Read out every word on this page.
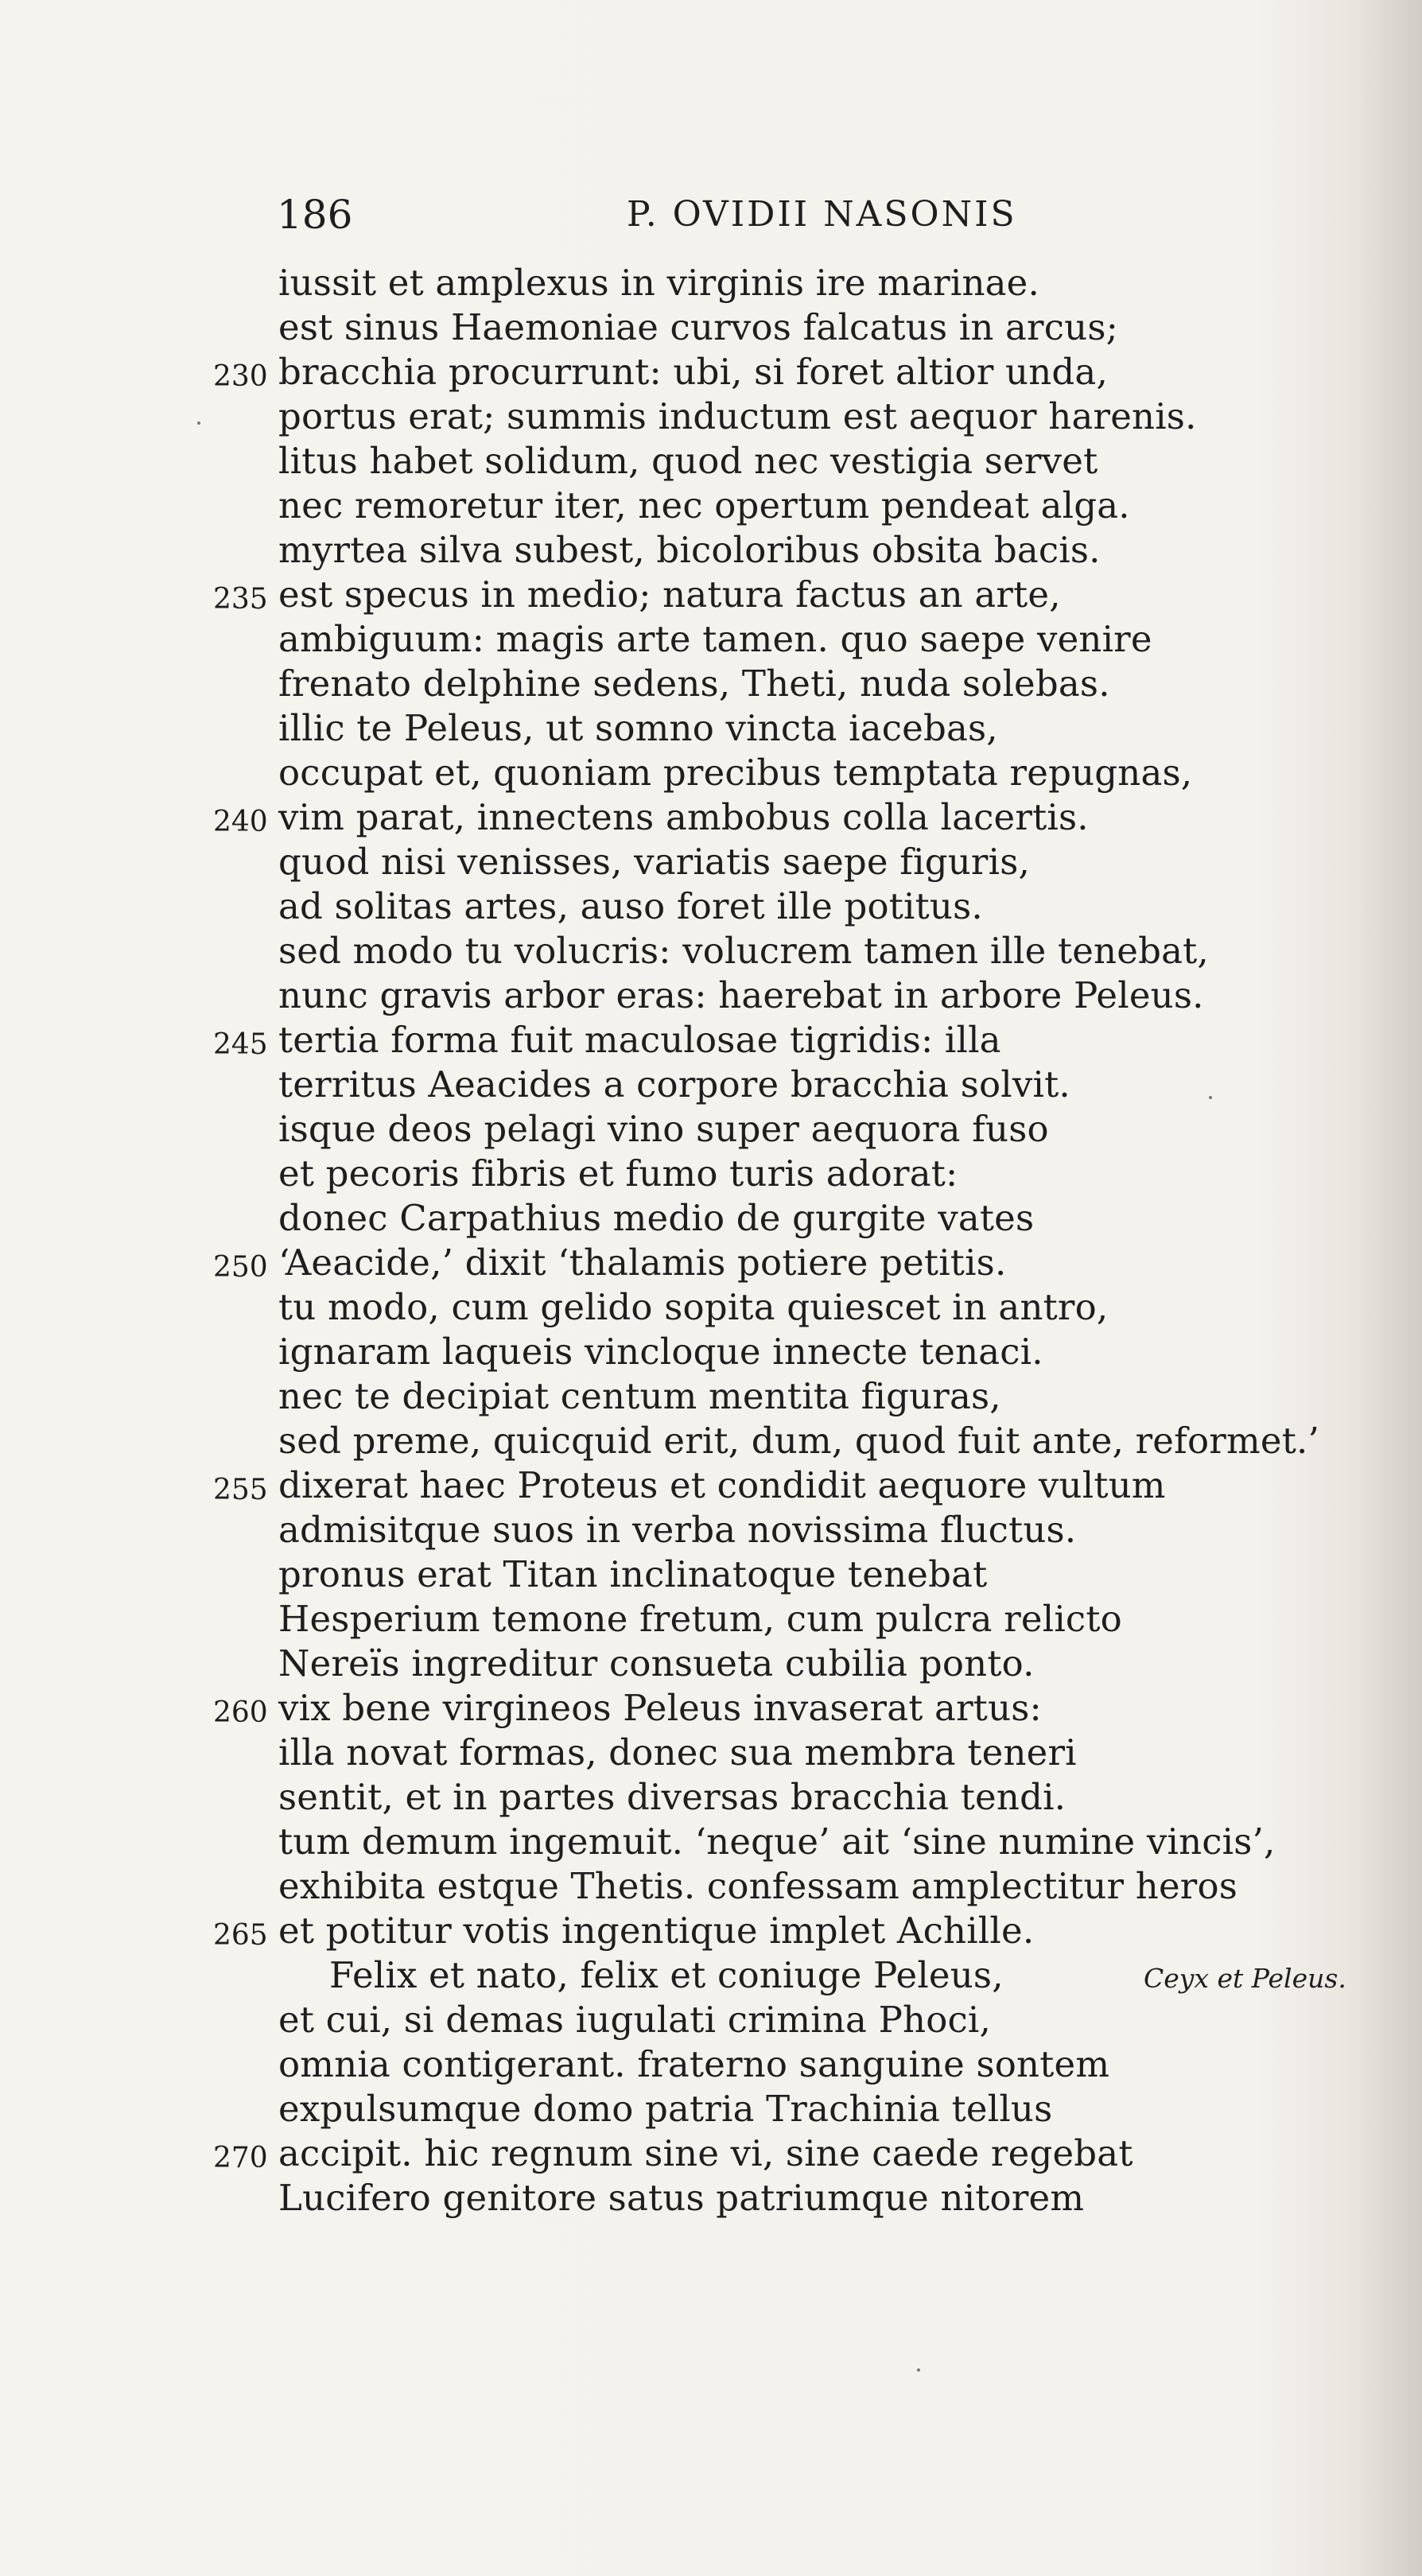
186	P. OVIDII NASONIS
iussit et amplexus in virginis ire marinae.
est sinus Haemoniae curvos falcatus in arcus;
230 bracchia procurrunt: ubi, si foret altior unda,
portus erat; summis inductum est aequor harenis.
litus habet solidum, quod nec vestigia servet
nec remoretur iter, nec opertum pendeat alga.
myrtea silva subest, bicoloribus obsita bacis.
235 est specus in medio; natura factus an arte,
ambiguum: magis arte tamen. quo saepe venire
frenato delphine sedens, Theti, nuda solebas.
illic te Peleus, ut somno vincta iacebas,
occupat et, quoniam precibus temptata repugnas,
240 vim parat, innectens ambobus colla lacertis.
quod nisi venisses, variatis saepe figuris,
ad solitas artes, auso foret ille potitus.
sed modo tu volucris: volucrem tamen ille tenebat,
nunc gravis arbor eras: haerebat in arbore Peleus.
245 tertia forma fuit maculosae tigridis: illa
territus Aeacides a corpore bracchia solvit.
isque deos pelagi vino super aequora fuso
et pecoris fibris et fumo turis adorat:
donec Carpathius medio de gurgite vates
250 ‘Aeacide,’ dixit ‘thalamis potiere petitis.
tu modo, cum gelido sopita quiescet in antro,
ignaram laqueis vincloque innecte tenaci.
nec te decipiat centum mentita figuras,
sed preme, quicquid erit, dum, quod fuit ante, reformet.’
255 dixerat haec Proteus et condidit aequore vultum
admisitque suos in verba novissima fluctus.
pronus erat Titan inclinatoque tenebat
Hesperium temone fretum, cum pulcra relicto
Nereïs ingreditur consueta cubilia ponto.
260 vix bene virgineos Peleus invaserat artus:
illa novat formas, donec sua membra teneri
sentit, et in partes diversas bracchia tendi.
tum demum ingemuit. ‘neque’ ait ‘sine numine vincis’,
exhibita estque Thetis. confessam amplectitur heros
265 et potitur votis ingentique implet Achille.
Felix et nato, felix et coniuge Peleus,	Ceyx et Peleus.
et cui, si demas iugulati crimina Phoci,
omnia contigerant. fraterno sanguine sontem
expulsumque domo patria Trachinia tellus
270 accipit. hic regnum sine vi, sine caede regebat
Lucifero genitore satus patriumque nitorem
